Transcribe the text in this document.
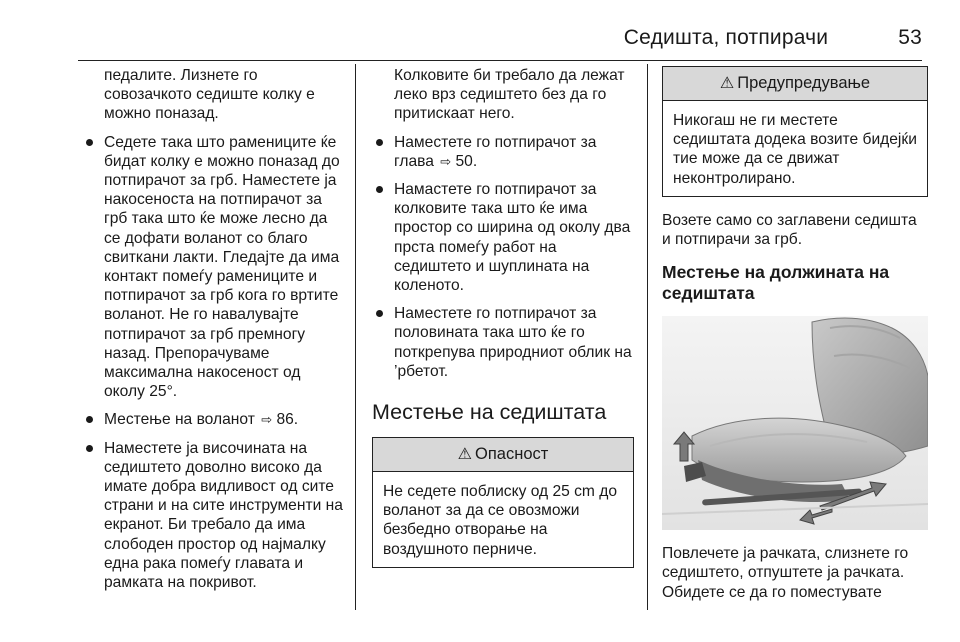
Седишта, потпирачи	53

педалите. Лизнете го совозачкото седиште колку е можно поназад.

Седете така што рамениците ќе бидат колку е можно поназад до потпирачот за грб. Наместете ја накосеноста на потпирачот за грб така што ќе може лесно да се дофати воланот со благо свиткани лакти. Гледајте да има контакт помеѓу рамениците и потпирачот за грб кога го вртите воланот. Не го навалувајте потпирачот за грб премногу назад. Препорачуваме максимална накосеност од околу 25°.
Местење на воланот ⇨ 86.
Наместете ја височината на седиштето доволно високо да имате добра видливост од сите страни и на сите инструменти на екранот. Би требало да има слободен простор од најмалку една рака помеѓу главата и рамката на покривот.

Колковите би требало да лежат леко врз седиштето без да го притискаат него.

Наместете го потпирачот за глава ⇨ 50.
Намастете го потпирачот за колковите така што ќе има простор со ширина од околу два прста помеѓу работ на седиштето и шуплината на коленото.
Наместете го потпирачот за половината така што ќе го поткрепува природниот облик на ’рбетот.
Местење на седиштата
⚠ Опасност
Не седете поблиску од 25 cm до воланот за да се овозможи безбедно отворање на воздушното перниче.
⚠ Предупредување
Никогаш не ги местете седиштата додека возите бидејќи тие може да се движат неконтролирано.

Возете само со заглавени седишта и потпирачи за грб.

Местење на должината на седиштата

Повлечете ја рачката, слизнете го седиштето, отпуштете ја рачката. Обидете се да го поместувате
